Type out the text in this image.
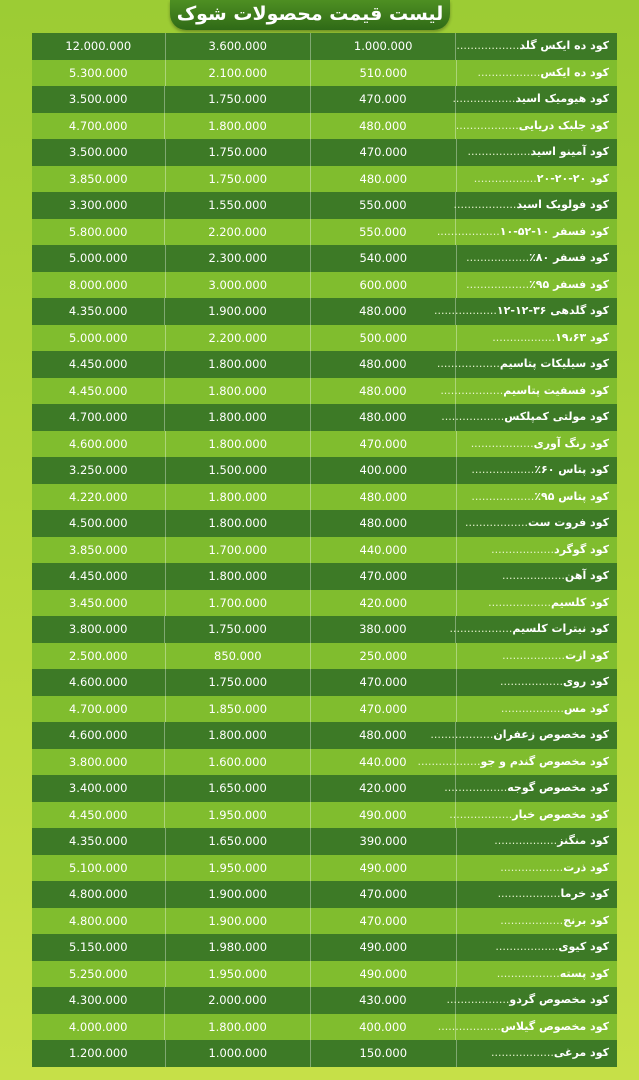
لیست قیمت محصولات شوک
12.000.000	3.600.000	1.000.000	کود ده ایکس گلد..................
5.300.000	2.100.000	510.000	کود ده ایکس..................
3.500.000	1.750.000	470.000	کود هیومیک اسید..................
4.700.000	1.800.000	480.000	کود جلبک دریایی..................
3.500.000	1.750.000	470.000	کود آمینو اسید..................
3.850.000	1.750.000	480.000	کود ۲۰-۲۰-۲۰..................
3.300.000	1.550.000	550.000	کود فولویک اسید..................
5.800.000	2.200.000	550.000	کود فسفر ۱۰-۵۲-۱۰..................
5.000.000	2.300.000	540.000	کود فسفر ۸۰٪..................
8.000.000	3.000.000	600.000	کود فسفر ۹۵٪..................
4.350.000	1.900.000	480.000	کود گلدهی ۳۶-۱۲-۱۲..................
5.000.000	2.200.000	500.000	کود ۱۹،۶۳..................
4.450.000	1.800.000	480.000	کود سیلیکات پتاسیم..................
4.450.000	1.800.000	480.000	کود فسفیت پتاسیم..................
4.700.000	1.800.000	480.000	کود مولتی کمپلکس..................
4.600.000	1.800.000	470.000	کود رنگ آوری..................
3.250.000	1.500.000	400.000	کود پتاس ۶۰٪..................
4.220.000	1.800.000	480.000	کود پتاس ۹۵٪..................
4.500.000	1.800.000	480.000	کود فروت ست..................
3.850.000	1.700.000	440.000	کود گوگرد..................
4.450.000	1.800.000	470.000	کود آهن..................
3.450.000	1.700.000	420.000	کود کلسیم..................
3.800.000	1.750.000	380.000	کود نیترات کلسیم..................
2.500.000	850.000	250.000	کود ازت..................
4.600.000	1.750.000	470.000	کود روی..................
4.700.000	1.850.000	470.000	کود مس..................
4.600.000	1.800.000	480.000	کود مخصوص زعفران..................
3.800.000	1.600.000	440.000	کود مخصوص گندم و جو..................
3.400.000	1.650.000	420.000	کود مخصوص گوجه..................
4.450.000	1.950.000	490.000	کود مخصوص خیار..................
4.350.000	1.650.000	390.000	کود منگنز..................
5.100.000	1.950.000	490.000	کود ذرت..................
4.800.000	1.900.000	470.000	کود خرما..................
4.800.000	1.900.000	470.000	کود برنج..................
5.150.000	1.980.000	490.000	کود کیوی..................
5.250.000	1.950.000	490.000	کود پسته..................
4.300.000	2.000.000	430.000	کود مخصوص گردو..................
4.000.000	1.800.000	400.000	کود مخصوص گیلاس..................
1.200.000	1.000.000	150.000	کود مرغی..................
